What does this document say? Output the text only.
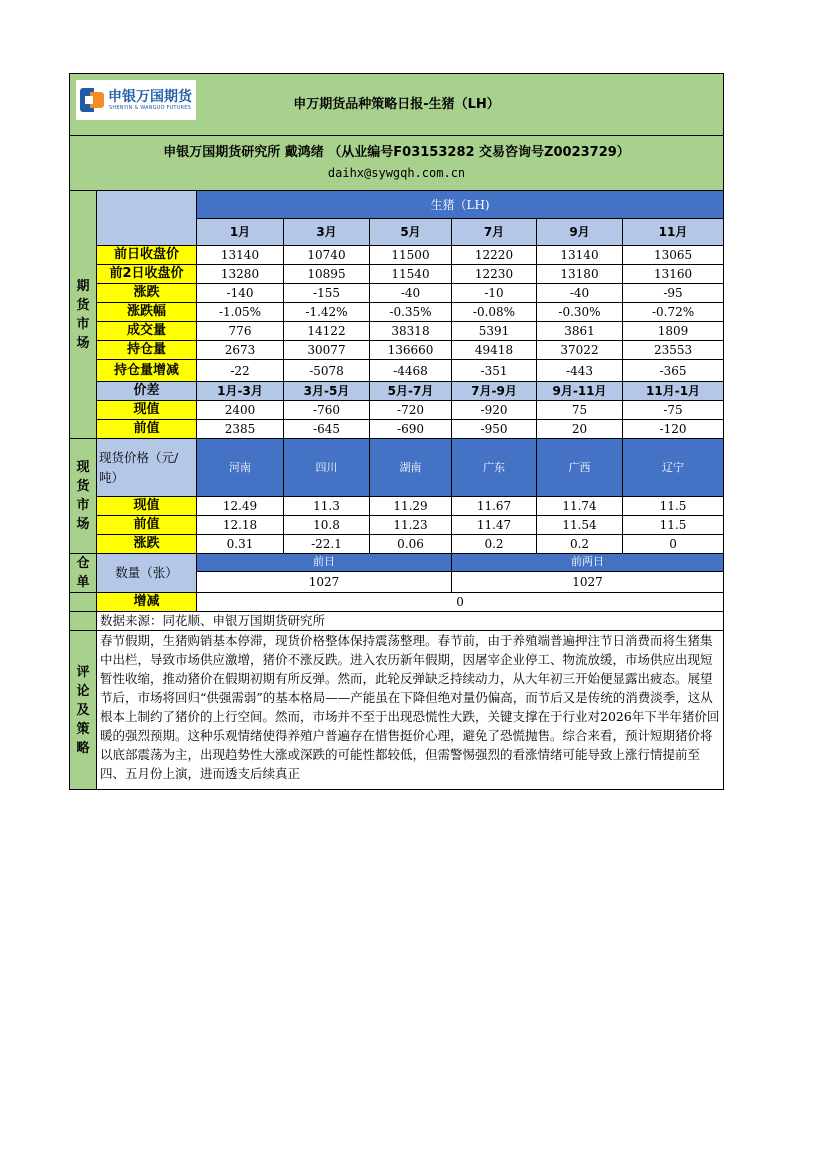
申银万国期货
SHENYIN & WANGUO FUTURES 申万期货品种策略日报-生猪（LH）							

申银万国期货研究所 戴鸿绪 （从业编号F03153282 交易咨询号Z0023729）
daihx@sywgqh.com.cn							

期货市场		生猪（LH)					
		1月	3月	5月	7月	9月	11月
	前日收盘价	13140	10740	11500	12220	13140	13065
	前2日收盘价	13280	10895	11540	12230	13180	13160
	涨跌	-140	-155	-40	-10	-40	-95
	涨跌幅	-1.05%	-1.42%	-0.35%	-0.08%	-0.30%	-0.72%
	成交量	776	14122	38318	5391	3861	1809
	持仓量	2673	30077	136660	49418	37022	23553
	持仓量增减	-22	-5078	-4468	-351	-443	-365
	价差	1月-3月	3月-5月	5月-7月	7月-9月	9月-11月	11月-1月
	现值	2400	-760	-720	-920	75	-75
	前值	2385	-645	-690	-950	20	-120
现货市场	现货价格（元/吨）	河南	四川	湖南	广东	广西	辽宁
	现值	12.49	11.3	11.29	11.67	11.74	11.5
	前值	12.18	10.8	11.23	11.47	11.54	11.5
	涨跌	0.31	-22.1	0.06	0.2	0.2	0
仓单	数量（张）	前日			前两日		
		1027			1027		
	增减	0					
	数据来源：同花顺、申银万国期货研究所						
评论及策略	春节假期，生猪购销基本停滞，现货价格整体保持震荡整理。春节前，由于养殖端普遍押注节日消费而将生猪集中出栏，导致市场供应激增，猪价不涨反跌。进入农历新年假期，因屠宰企业停工、物流放缓，市场供应出现短暂性收缩，推动猪价在假期初期有所反弹。然而，此轮反弹缺乏持续动力，从大年初三开始便显露出疲态。展望节后，市场将回归“供强需弱”的基本格局——产能虽在下降但绝对量仍偏高，而节后又是传统的消费淡季，这从根本上制约了猪价的上行空间。然而，市场并不至于出现恐慌性大跌，关键支撑在于行业对2026年下半年猪价回暖的强烈预期。这种乐观情绪使得养殖户普遍存在惜售挺价心理，避免了恐慌抛售。综合来看，预计短期猪价将以底部震荡为主，出现趋势性大涨或深跌的可能性都较低，但需警惕强烈的看涨情绪可能导致上涨行情提前至四、五月份上演，进而透支后续真正						
